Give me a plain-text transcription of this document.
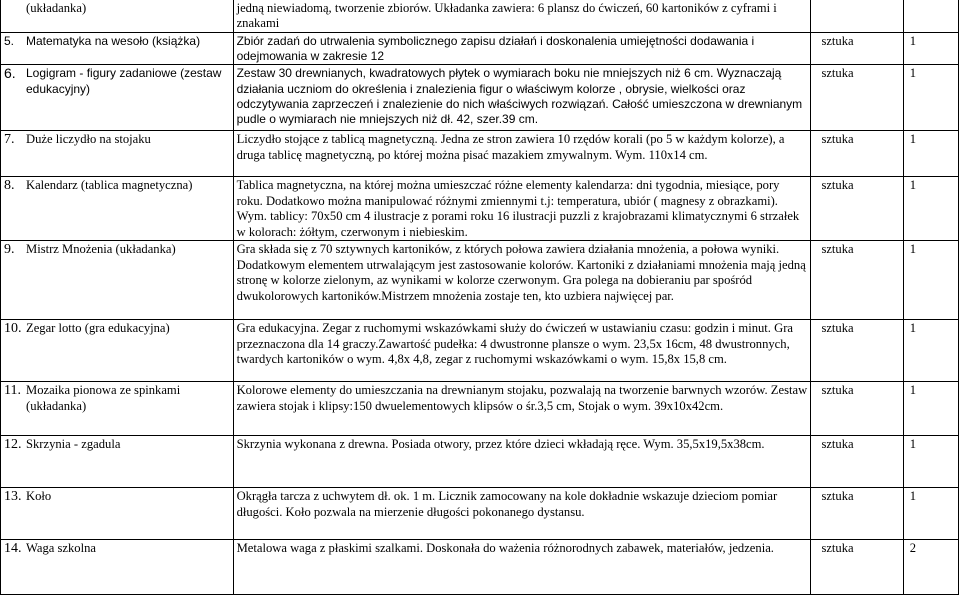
(układanka)	jedną niewiadomą, tworzenie zbiorów. Układanka zawiera: 6 plansz do ćwiczeń, 60 kartoników z cyframi i znakami		

5. Matematyka na wesoło (książka)	Zbiór zadań do utrwalenia symbolicznego zapisu działań i doskonalenia umiejętności dodawania i odejmowania w zakresie 12	sztuka	1

6. Logigram - figury zadaniowe (zestaw edukacyjny)	Zestaw 30 drewnianych, kwadratowych płytek o wymiarach boku nie mniejszych niż 6 cm. Wyznaczają działania uczniom do określenia i znalezienia figur o właściwym kolorze , obrysie, wielkości oraz odczytywania zaprzeczeń i znalezienie do nich właściwych rozwiązań. Całość umieszczona w drewnianym pudle o wymiarach nie mniejszych niż dł. 42, szer.39 cm.	sztuka	1

7. Duże liczydło na stojaku	Liczydło stojące z tablicą magnetyczną. Jedna ze stron zawiera 10 rzędów korali (po 5 w każdym kolorze), a druga tablicę magnetyczną, po której można pisać mazakiem zmywalnym. Wym. 110x14 cm.	sztuka	1

8. Kalendarz (tablica magnetyczna)	Tablica magnetyczna, na której można umieszczać różne elementy kalendarza: dni tygodnia, miesiące, pory roku. Dodatkowo można manipulować różnymi zmiennymi t.j: temperatura, ubiór ( magnesy z obrazkami). Wym. tablicy: 70x50 cm 4 ilustracje z porami roku 16 ilustracji puzzli z krajobrazami klimatycznymi 6 strzałek w kolorach: żółtym, czerwonym i niebieskim.	sztuka	1

9. Mistrz Mnożenia (układanka)	Gra składa się z 70 sztywnych kartoników, z których połowa zawiera działania mnożenia, a połowa wyniki. Dodatkowym elementem utrwalającym jest zastosowanie kolorów. Kartoniki z działaniami mnożenia mają jedną stronę w kolorze zielonym, az wynikami w kolorze czerwonym. Gra polega na dobieraniu par spośród dwukolorowych kartoników.Mistrzem mnożenia zostaje ten, kto uzbiera najwięcej par.	sztuka	1

10. Zegar lotto (gra edukacyjna)	Gra edukacyjna. Zegar z ruchomymi wskazówkami służy do ćwiczeń w ustawianiu czasu: godzin i minut. Gra przeznaczona dla 14 graczy.Zawartość pudełka: 4 dwustronne plansze o wym. 23,5x 16cm, 48 dwustronnych, twardych kartoników o wym. 4,8x 4,8, zegar z ruchomymi wskazówkami o wym. 15,8x 15,8 cm.	sztuka	1

11. Mozaika pionowa ze spinkami (układanka)	Kolorowe elementy do umieszczania na drewnianym stojaku, pozwalają na tworzenie barwnych wzorów. Zestaw zawiera stojak i klipsy:150 dwuelementowych klipsów o śr.3,5 cm, Stojak o wym. 39x10x42cm.	sztuka	1

12. Skrzynia - zgadula	Skrzynia wykonana z drewna. Posiada otwory, przez które dzieci wkładają ręce. Wym. 35,5x19,5x38cm.	sztuka	1

13. Koło	Okrągła tarcza z uchwytem dł. ok. 1 m. Licznik zamocowany na kole dokładnie wskazuje dzieciom pomiar długości. Koło pozwala na mierzenie długości pokonanego dystansu.	sztuka	1

14. Waga szkolna	Metalowa waga z płaskimi szalkami. Doskonała do ważenia różnorodnych zabawek, materiałów, jedzenia.	sztuka	2
